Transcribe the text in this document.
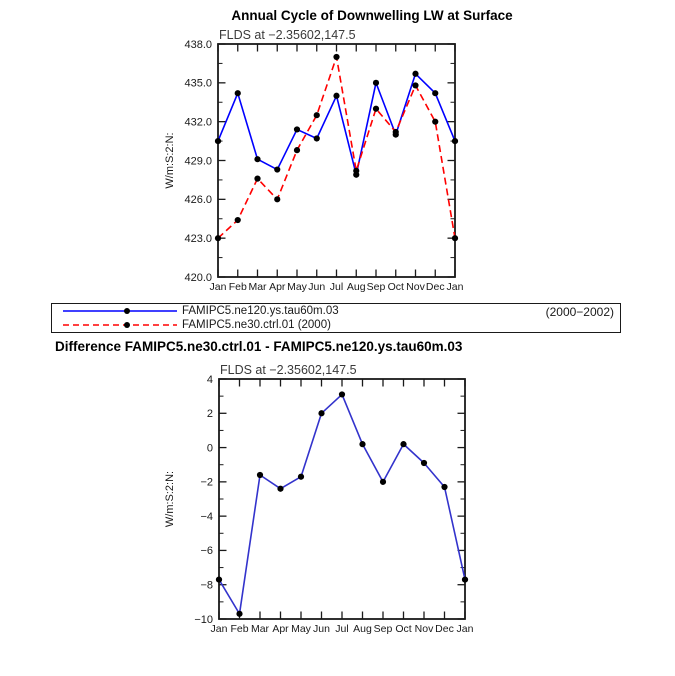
Annual Cycle of Downwelling LW at Surface
FLDS at −2.35602,147.5
420.0
423.0
426.0
429.0
432.0
435.0
438.0
Jan Feb Mar Apr May Jun Jul Aug Sep Oct Nov Dec Jan
W/m:S:2:N:
FLDS at −2.35602,147.5
−10
−8
−6
−4
−2
0
2
4
Jan Feb Mar Apr May Jun Jul Aug Sep Oct Nov Dec Jan
W/m:S:2:N:
FAMIPC5.ne120.ys.tau60m.03
FAMIPC5.ne30.ctrl.01 (2000)
(2000−2002)
Difference FAMIPC5.ne30.ctrl.01 - FAMIPC5.ne120.ys.tau60m.03
